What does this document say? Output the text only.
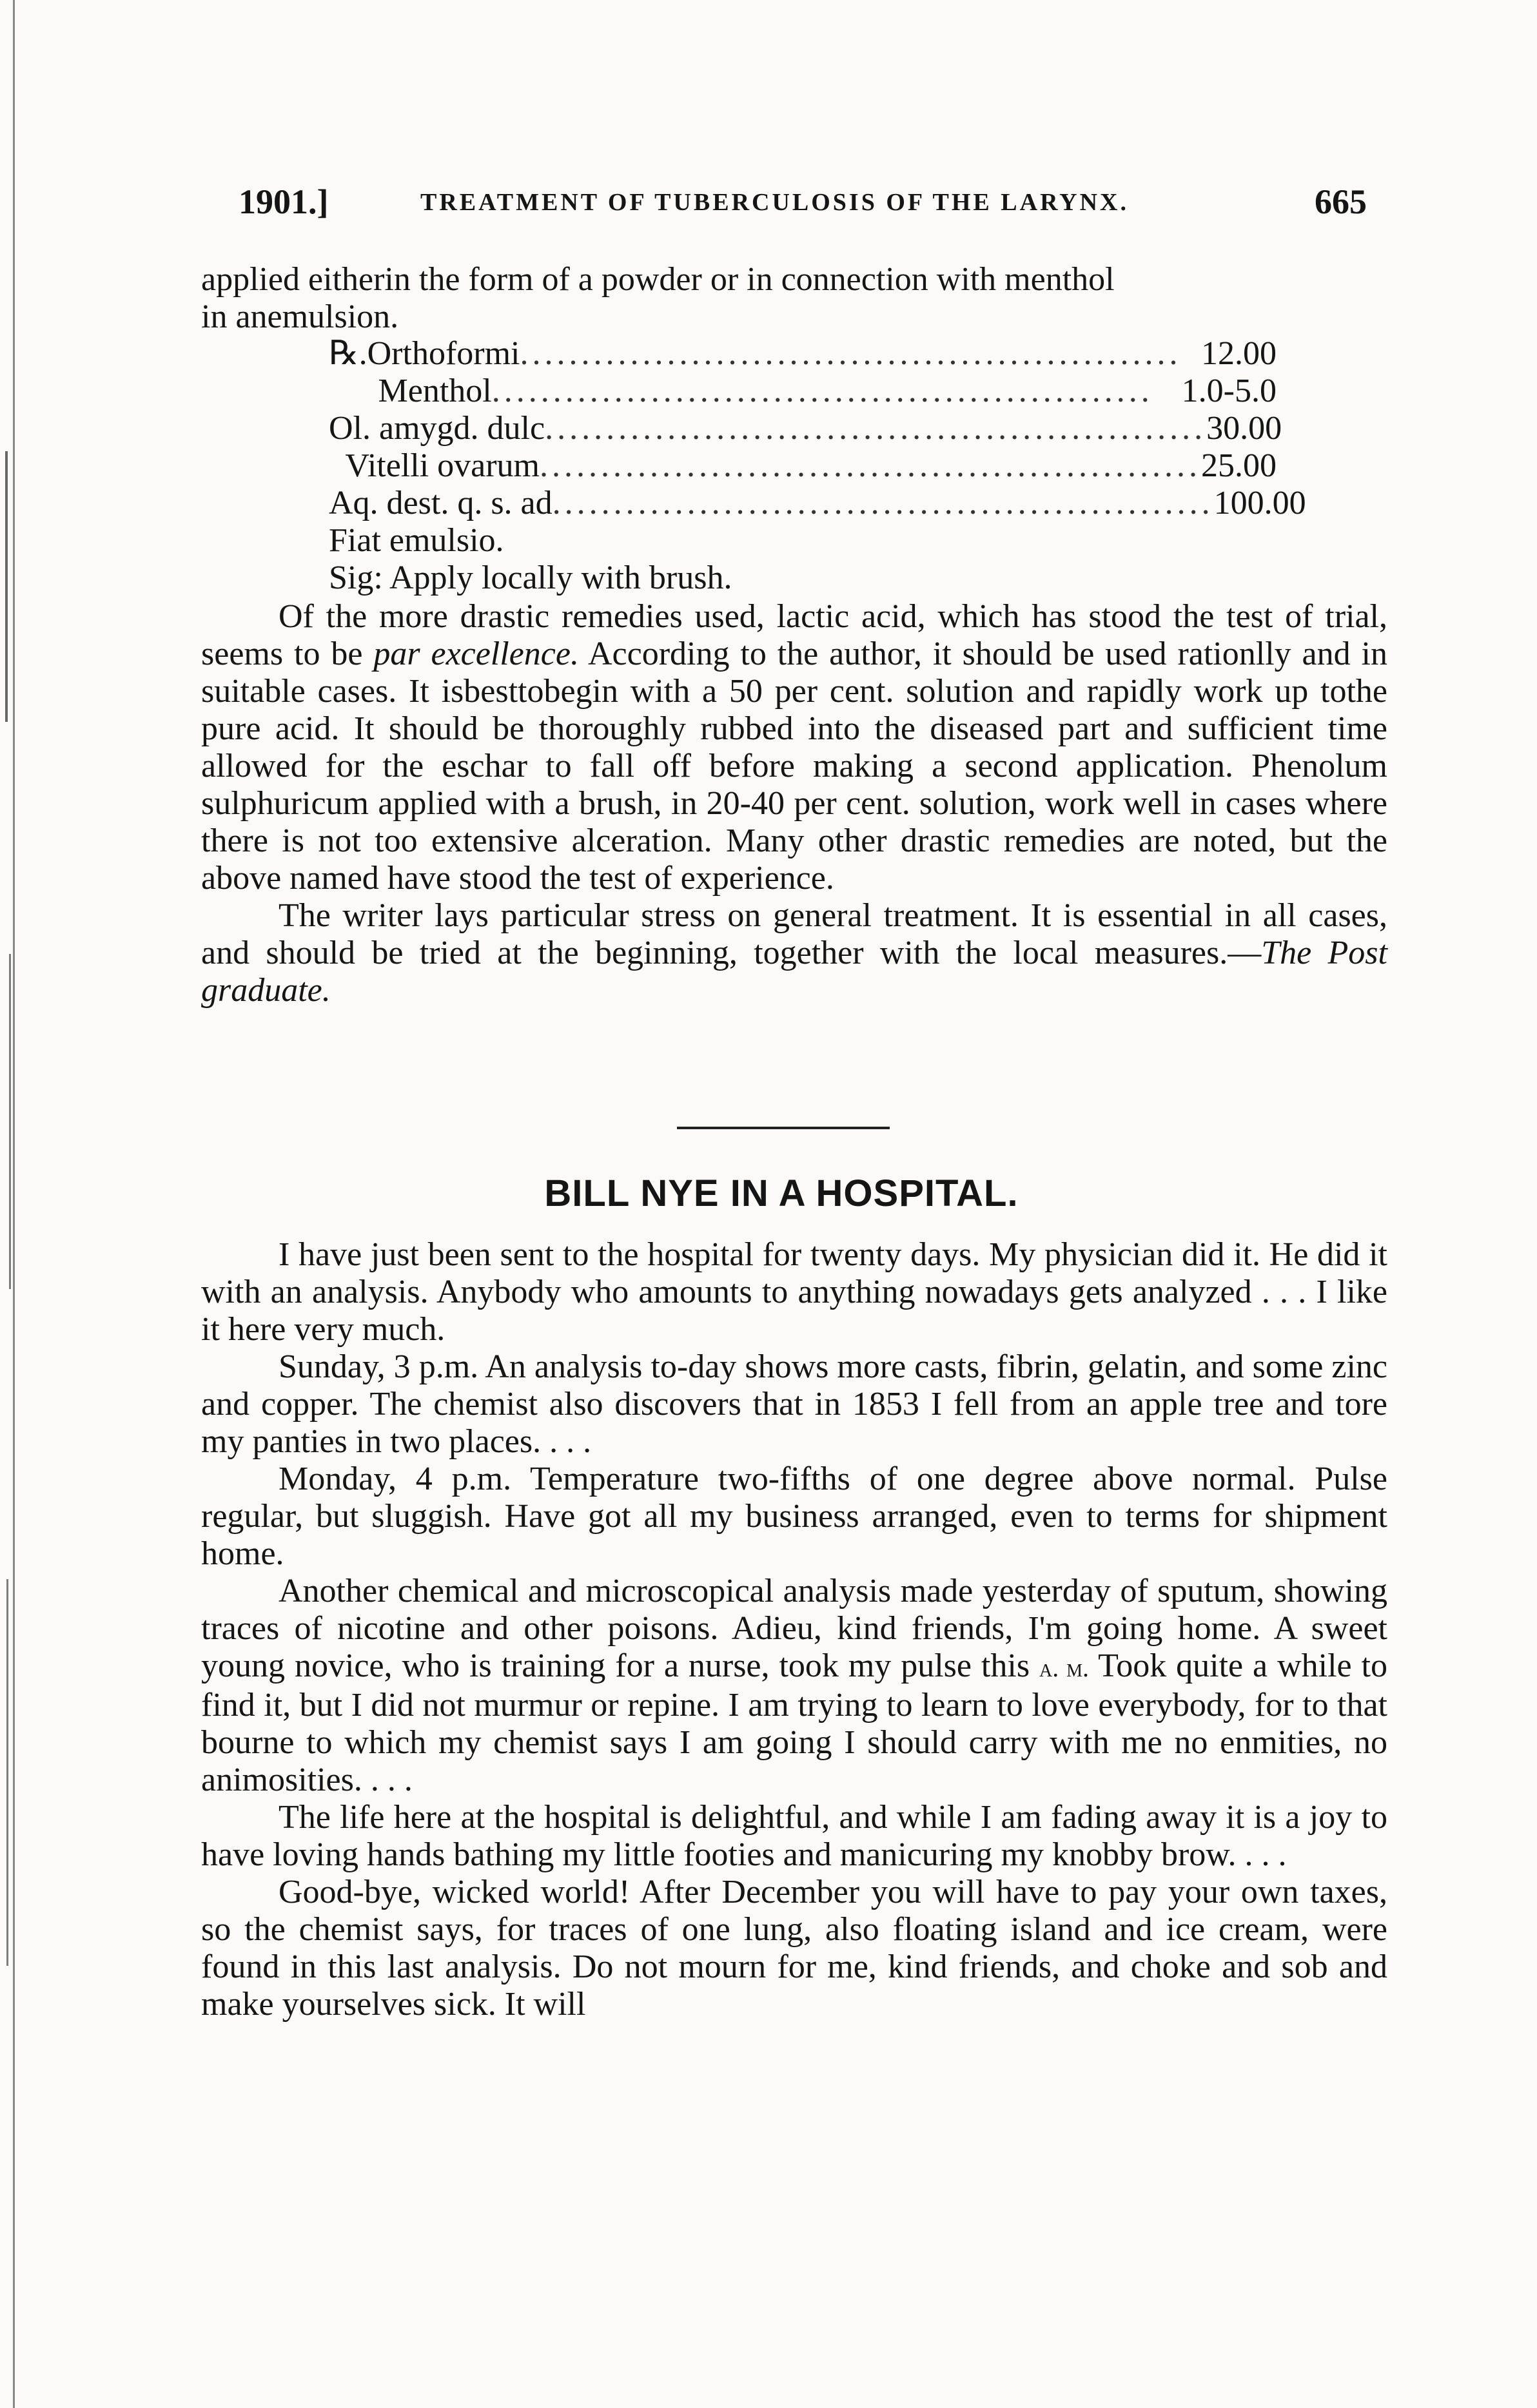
1901.]	TREATMENT OF TUBERCULOSIS OF THE LARYNX.	665

applied eitherin the form of a powder or in connection with menthol

in anemulsion.

℞. Orthoformi ...................................................... 12.00
Menthol ...................................................... 1.0-5.0
Ol. amygd. dulc ...................................................... 30.00
Vitelli ovarum ...................................................... 25.00
Aq. dest. q. s. ad ...................................................... 100.00
Fiat emulsio.
Sig: Apply locally with brush.

Of the more drastic remedies used, lactic acid, which has stood the test of trial, seems to be par excellence. According to the author, it should be used rationlly and in suitable cases. It isbesttobegin with a 50 per cent. solution and rapidly work up tothe pure acid. It should be thoroughly rubbed into the diseased part and sufficient time allowed for the eschar to fall off before making a second application. Phenolum sulphuricum applied with a brush, in 20-40 per cent. solution, work well in cases where there is not too extensive alceration. Many other drastic remedies are noted, but the above named have stood the test of experience.

The writer lays particular stress on general treatment. It is essential in all cases, and should be tried at the beginning, together with the local measures.—The Post graduate.

BILL NYE IN A HOSPITAL.

I have just been sent to the hospital for twenty days. My physician did it. He did it with an analysis. Anybody who amounts to anything nowadays gets analyzed . . . I like it here very much.

Sunday, 3 p.m. An analysis to-day shows more casts, fibrin, gelatin, and some zinc and copper. The chemist also discovers that in 1853 I fell from an apple tree and tore my panties in two places. . . .

Monday, 4 p.m. Temperature two-fifths of one degree above normal. Pulse regular, but sluggish. Have got all my business arranged, even to terms for shipment home.

Another chemical and microscopical analysis made yesterday of sputum, showing traces of nicotine and other poisons. Adieu, kind friends, I'm going home. A sweet young novice, who is training for a nurse, took my pulse this a. m. Took quite a while to find it, but I did not murmur or repine. I am trying to learn to love everybody, for to that bourne to which my chemist says I am going I should carry with me no enmities, no animosities. . . .

The life here at the hospital is delightful, and while I am fading away it is a joy to have loving hands bathing my little footies and manicuring my knobby brow. . . .

Good-bye, wicked world! After December you will have to pay your own taxes, so the chemist says, for traces of one lung, also floating island and ice cream, were found in this last analysis. Do not mourn for me, kind friends, and choke and sob and make yourselves sick. It will
